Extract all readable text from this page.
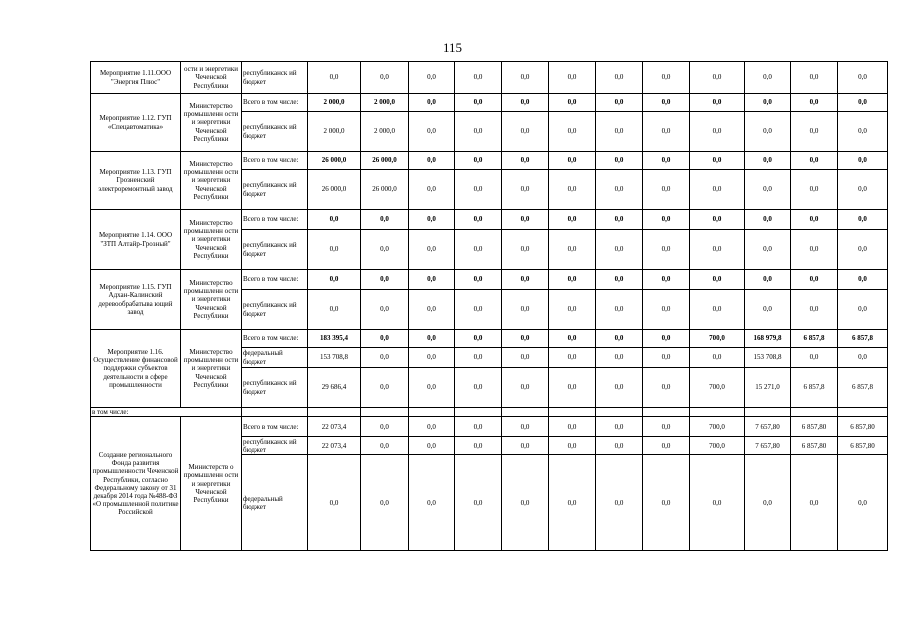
115
Мероприятие 1.11.ООО "Энергия Плюс"	ости и энергетики Чеченской Республики	республиканск ий бюджет	0,0	0,0	0,0	0,0	0,0	0,0	0,0	0,0	0,0	0,0	0,0	0,0
Мероприятие 1.12. ГУП «Спецавтоматика»	Министерство промышленн ости и энергетики Чеченской Республики	Всего в том числе:	2 000,0	2 000,0	0,0	0,0	0,0	0,0	0,0	0,0	0,0	0,0	0,0	0,0
		республиканск ий бюджет	2 000,0	2 000,0	0,0	0,0	0,0	0,0	0,0	0,0	0,0	0,0	0,0	0,0
Мероприятие 1.13. ГУП Грозненский электроремонтный завод	Министерство промышленн ости и энергетики Чеченской Республики	Всего в том числе:	26 000,0	26 000,0	0,0	0,0	0,0	0,0	0,0	0,0	0,0	0,0	0,0	0,0
		республиканск ий бюджет	26 000,0	26 000,0	0,0	0,0	0,0	0,0	0,0	0,0	0,0	0,0	0,0	0,0
Мероприятие 1.14. ООО "ЗТП Алтайр-Грозный"	Министерство промышленн ости и энергетики Чеченской Республики	Всего в том числе:	0,0	0,0	0,0	0,0	0,0	0,0	0,0	0,0	0,0	0,0	0,0	0,0
		республиканск ий бюджет	0,0	0,0	0,0	0,0	0,0	0,0	0,0	0,0	0,0	0,0	0,0	0,0
Мероприятие 1.15. ГУП Адхан-Калинский деревообрабатыва ющий завод	Министерство промышленн ости и энергетики Чеченской Республики	Всего в том числе:	0,0	0,0	0,0	0,0	0,0	0,0	0,0	0,0	0,0	0,0	0,0	0,0
		республиканск ий бюджет	0,0	0,0	0,0	0,0	0,0	0,0	0,0	0,0	0,0	0,0	0,0	0,0
Мероприятие 1.16. Осуществление финансовой поддержки субъектов деятельности в сфере промышленности	Министерство промышленн ости и энергетики Чеченской Республики	Всего в том числе:	183 395,4	0,0	0,0	0,0	0,0	0,0	0,0	0,0	700,0	168 979,8	6 857,8	6 857,8
		федеральный бюджет	153 708,8	0,0	0,0	0,0	0,0	0,0	0,0	0,0	0,0	153 708,8	0,0	0,0
		республиканск ий бюджет	29 686,4	0,0	0,0	0,0	0,0	0,0	0,0	0,0	700,0	15 271,0	6 857,8	6 857,8
в том числе:														
Создание регионального Фонда развития промышленности Чеченской Республики, согласно Федеральному закону от 31 декабря 2014 года №488-ФЗ «О промышленной политике Российской	Министерств о промышленн ости и энергетики Чеченской Республики	Всего в том числе:	22 073,4	0,0	0,0	0,0	0,0	0,0	0,0	0,0	700,0	7 657,80	6 857,80	6 857,80
		республиканск ий бюджет	22 073,4	0,0	0,0	0,0	0,0	0,0	0,0	0,0	700,0	7 657,80	6 857,80	6 857,80
		федеральный бюджет	0,0	0,0	0,0	0,0	0,0	0,0	0,0	0,0	0,0	0,0	0,0	0,0
